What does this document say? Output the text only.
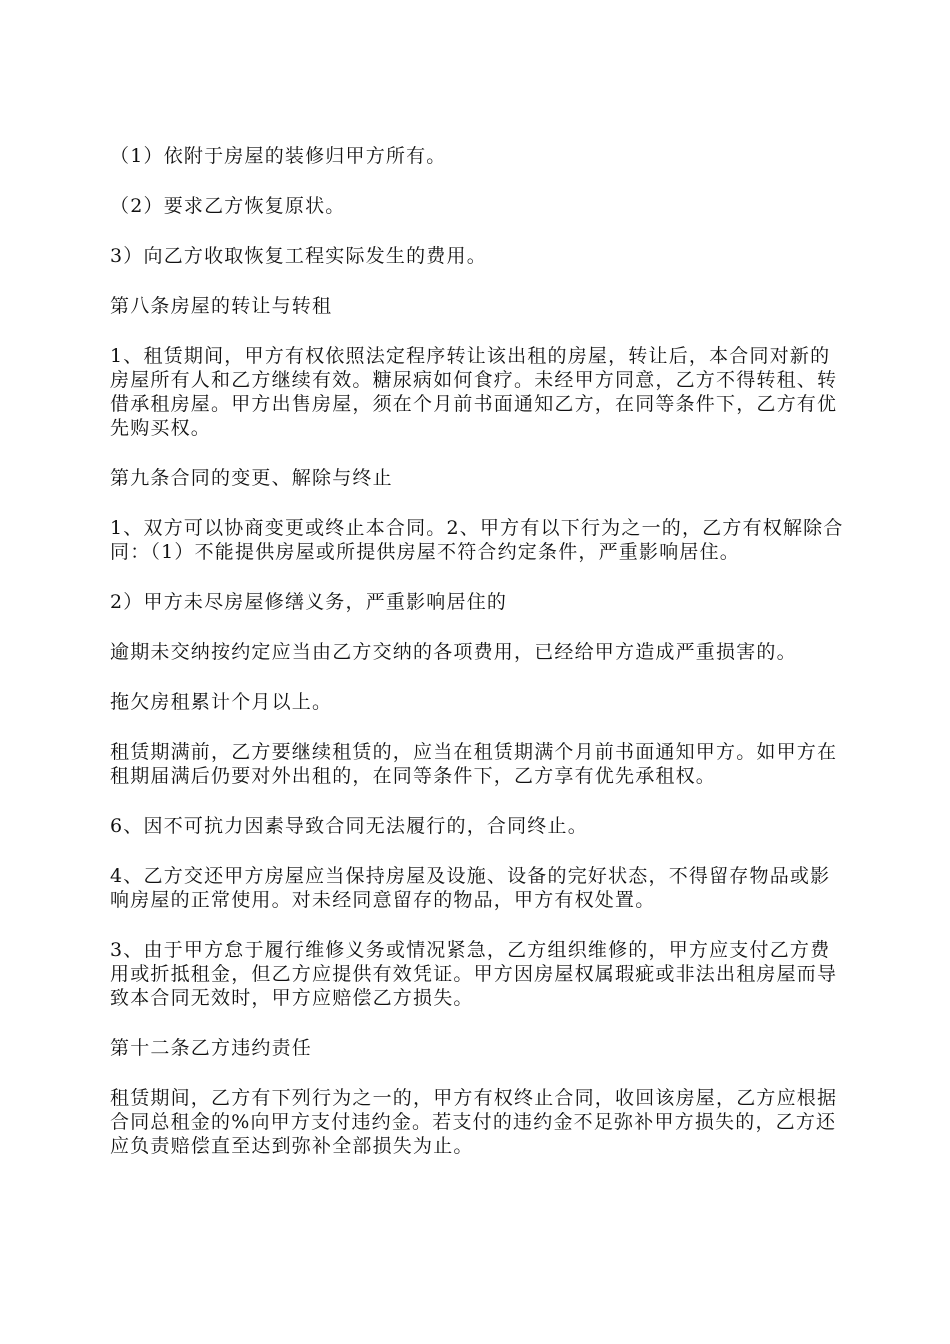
（1）依附于房屋的装修归甲方所有。

（2）要求乙方恢复原状。

3）向乙方收取恢复工程实际发生的费用。

第八条房屋的转让与转租

1、租赁期间，甲方有权依照法定程序转让该出租的房屋，转让后，本合同对新的房屋所有人和乙方继续有效。糖尿病如何食疗。未经甲方同意，乙方不得转租、转借承租房屋。甲方出售房屋，须在个月前书面通知乙方，在同等条件下，乙方有优先购买权。

第九条合同的变更、解除与终止

1、双方可以协商变更或终止本合同。2、甲方有以下行为之一的，乙方有权解除合同：（1）不能提供房屋或所提供房屋不符合约定条件，严重影响居住。

2）甲方未尽房屋修缮义务，严重影响居住的

逾期未交纳按约定应当由乙方交纳的各项费用，已经给甲方造成严重损害的。

拖欠房租累计个月以上。

租赁期满前，乙方要继续租赁的，应当在租赁期满个月前书面通知甲方。如甲方在租期届满后仍要对外出租的，在同等条件下，乙方享有优先承租权。

6、因不可抗力因素导致合同无法履行的，合同终止。

4、乙方交还甲方房屋应当保持房屋及设施、设备的完好状态，不得留存物品或影响房屋的正常使用。对未经同意留存的物品，甲方有权处置。

3、由于甲方怠于履行维修义务或情况紧急，乙方组织维修的，甲方应支付乙方费用或折抵租金，但乙方应提供有效凭证。甲方因房屋权属瑕疵或非法出租房屋而导致本合同无效时，甲方应赔偿乙方损失。

第十二条乙方违约责任

租赁期间，乙方有下列行为之一的，甲方有权终止合同，收回该房屋，乙方应根据合同总租金的%向甲方支付违约金。若支付的违约金不足弥补甲方损失的，乙方还应负责赔偿直至达到弥补全部损失为止。
